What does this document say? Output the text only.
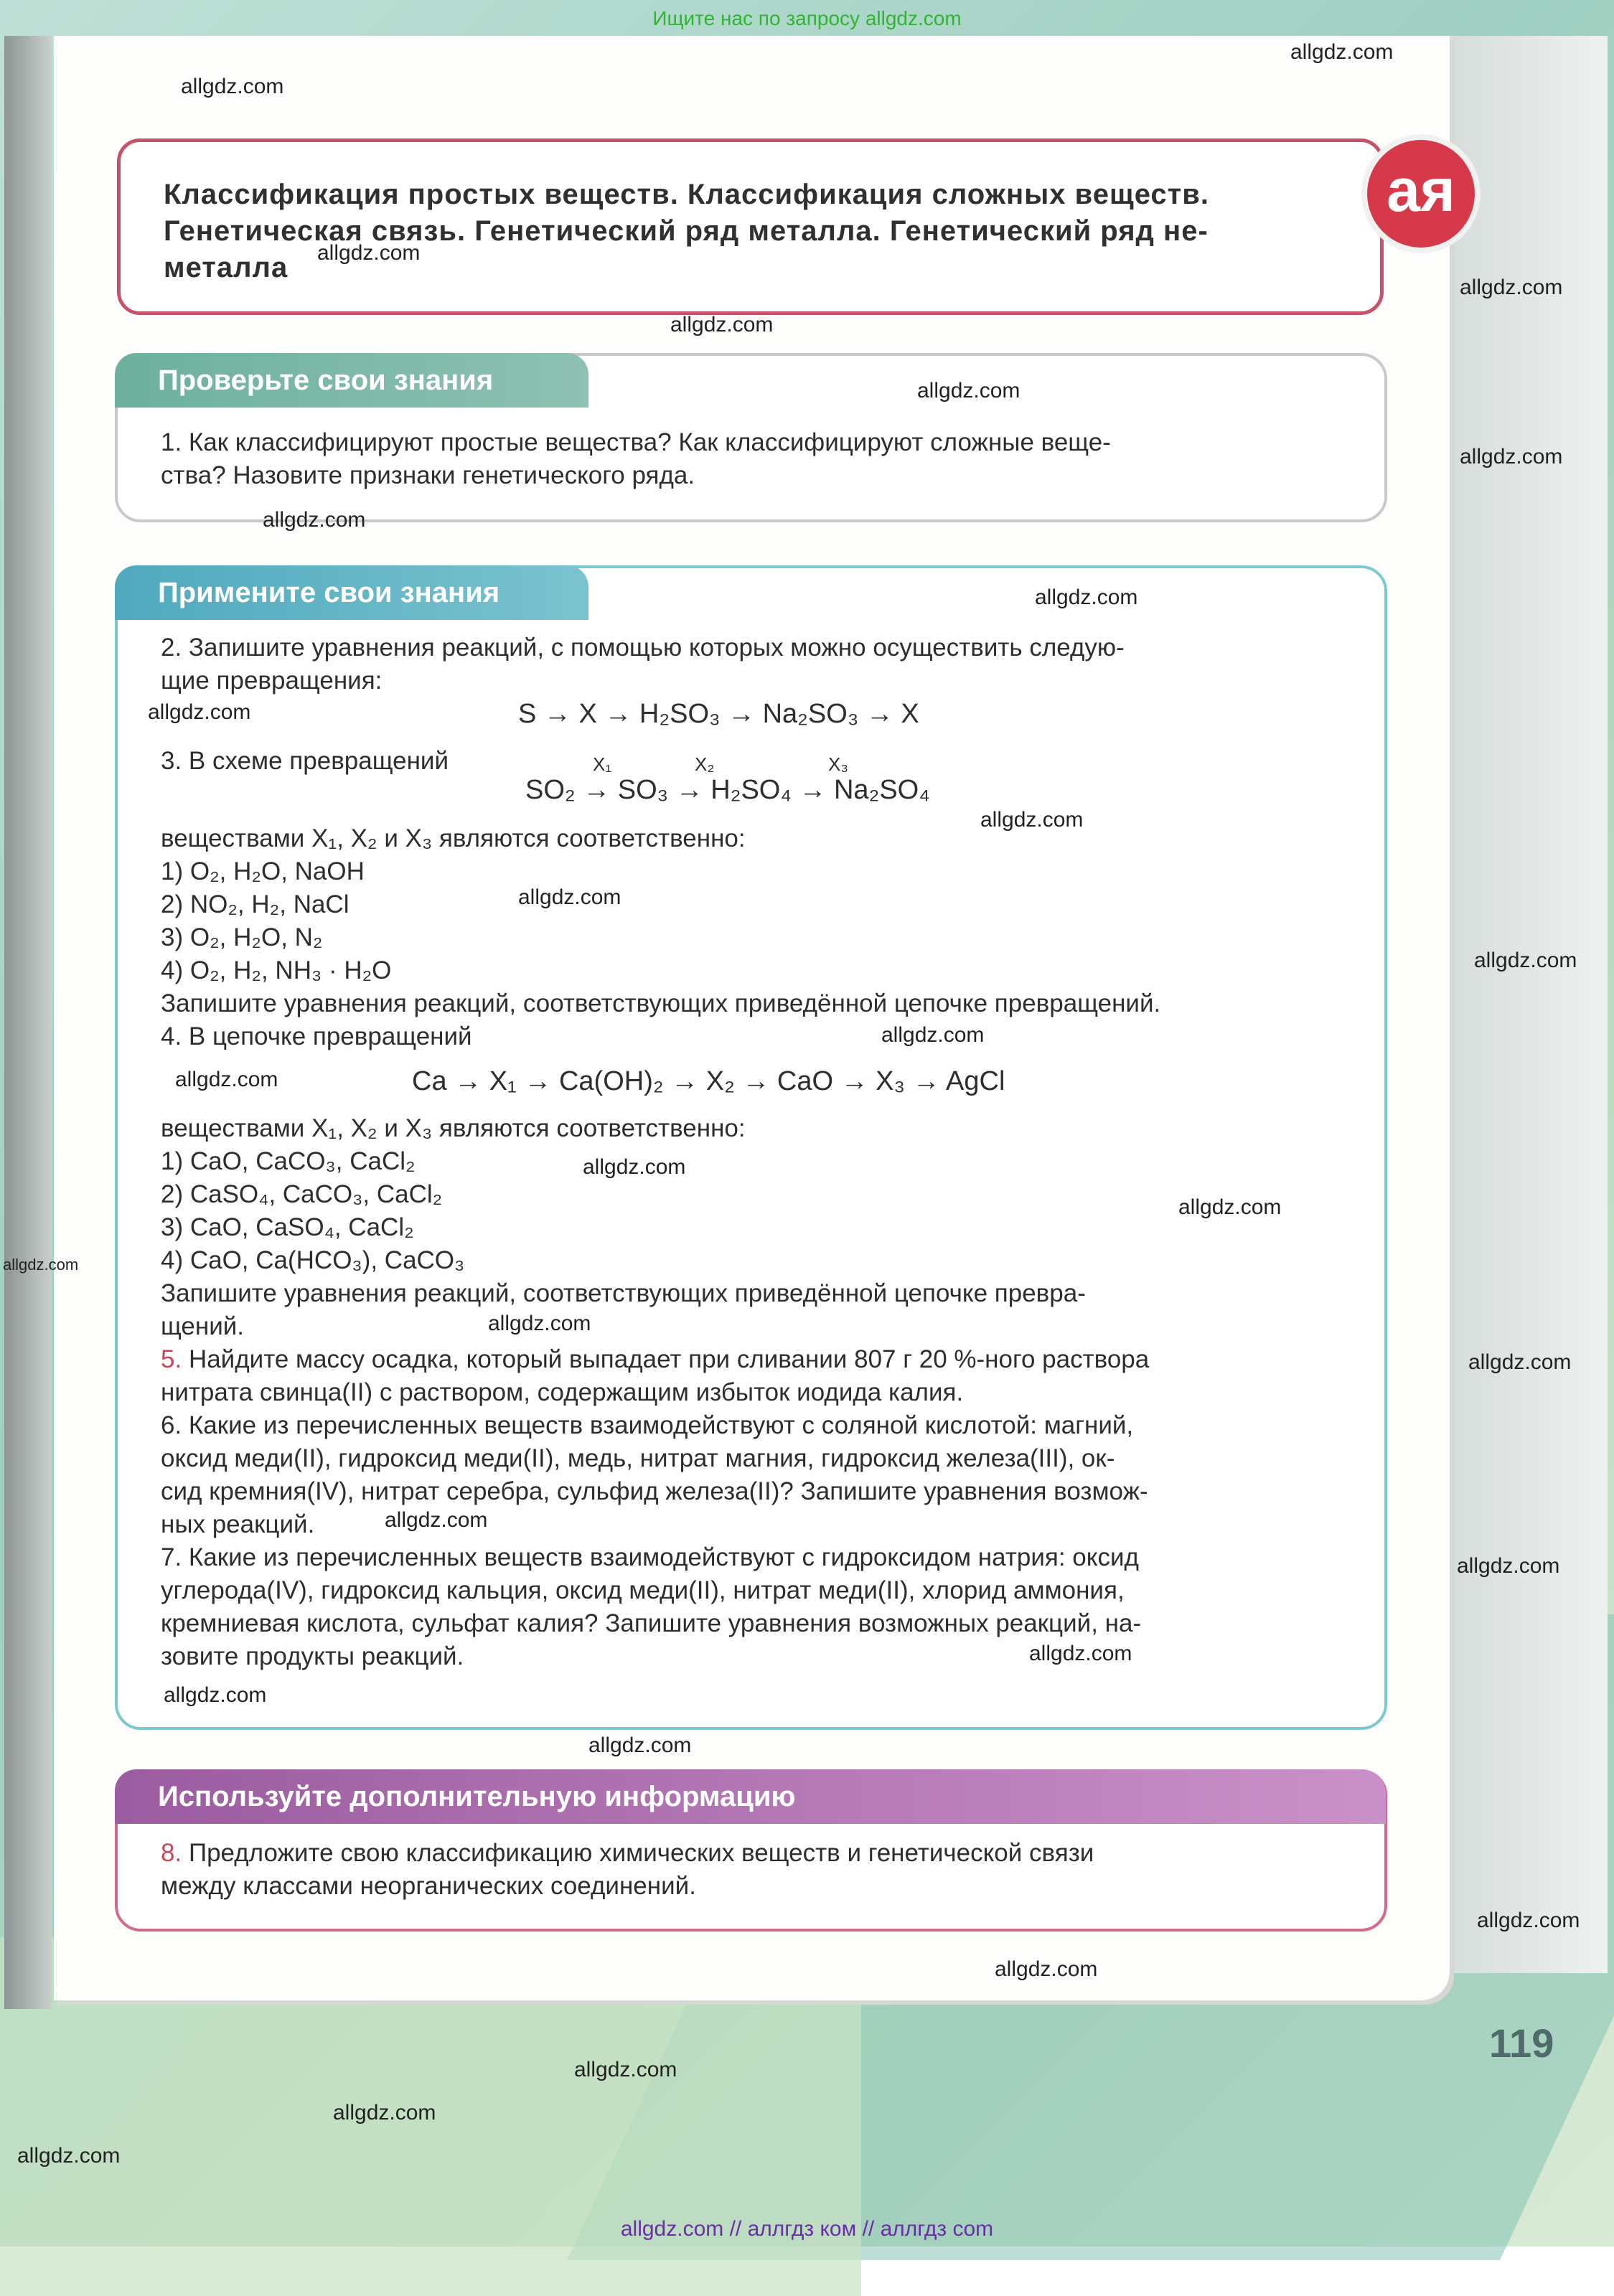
Ищите нас по запросу allgdz.com
Классификация простых веществ. Классификация сложных веществ.
Генетическая связь. Генетический ряд металла. Генетический ряд не-
металла
ая
Проверьте свои знания
1. Как классифицируют простые вещества? Как классифицируют сложные веще-
ства? Назовите признаки генетического ряда.
Примените свои знания
2. Запишите уравнения реакций, с помощью которых можно осуществить следую-
щие превращения:
S → X → H₂SO₃ → Na₂SO₃ → X
3. В схеме превращений	X₁	X₂	X₃
SO₂ → SO₃ → H₂SO₄ → Na₂SO₄
веществами X₁, X₂ и X₃ являются соответственно:
1) O₂, H₂O, NaOH
2) NO₂, H₂, NaCl
3) O₂, H₂O, N₂
4) O₂, H₂, NH₃ · H₂O
Запишите уравнения реакций, соответствующих приведённой цепочке превращений.
4. В цепочке превращений
Ca → X₁ → Ca(OH)₂ → X₂ → CaO → X₃ → AgCl
веществами X₁, X₂ и X₃ являются соответственно:
1) CaO, CaCO₃, CaCl₂
2) CaSO₄, CaCO₃, CaCl₂
3) CaO, CaSO₄, CaCl₂
4) CaO, Ca(HCO₃), CaCO₃
Запишите уравнения реакций, соответствующих приведённой цепочке превра-
щений.
5. Найдите массу осадка, который выпадает при сливании 807 г 20 %-ного раствора
нитрата свинца(II) с раствором, содержащим избыток иодида калия.
6. Какие из перечисленных веществ взаимодействуют с соляной кислотой: магний,
оксид меди(II), гидроксид меди(II), медь, нитрат магния, гидроксид железа(III), ок-
сид кремния(IV), нитрат серебра, сульфид железа(II)? Запишите уравнения возмож-
ных реакций.
7. Какие из перечисленных веществ взаимодействуют с гидроксидом натрия: оксид
углерода(IV), гидроксид кальция, оксид меди(II), нитрат меди(II), хлорид аммония,
кремниевая кислота, сульфат калия? Запишите уравнения возможных реакций, на-
зовите продукты реакций.
Используйте дополнительную информацию
8. Предложите свою классификацию химических веществ и генетической связи
между классами неорганических соединений.
119
allgdz.com
allgdz.com
allgdz.com
allgdz.com
allgdz.com
allgdz.com
allgdz.com
allgdz.com
allgdz.com
allgdz.com
allgdz.com
allgdz.com
allgdz.com
allgdz.com
allgdz.com
allgdz.com
allgdz.com
allgdz.com
allgdz.com
allgdz.com
allgdz.com
allgdz.com
allgdz.com
allgdz.com
allgdz.com
allgdz.com
allgdz.com
allgdz.com
allgdz.com
allgdz.com
allgdz.com // аллгдз ком // аллгдз com
